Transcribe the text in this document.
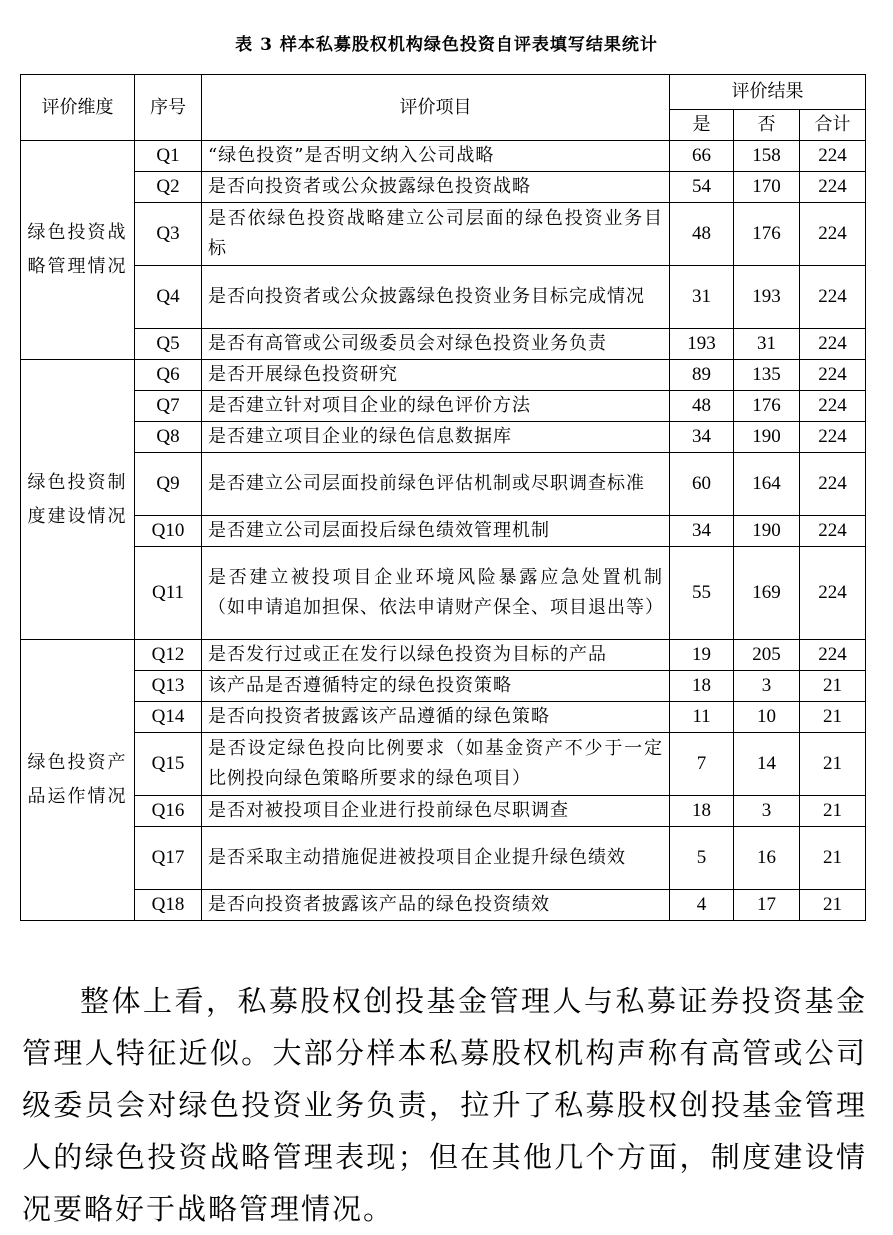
表 3 样本私募股权机构绿色投资自评表填写结果统计
评价维度	序号	评价项目	评价结果		
			是	否	合计
绿色投资战略管理情况	Q1	“绿色投资”是否明文纳入公司战略	66	158	224
	Q2	是否向投资者或公众披露绿色投资战略	54	170	224
	Q3	是否依绿色投资战略建立公司层面的绿色投资业务目标	48	176	224
	Q4	是否向投资者或公众披露绿色投资业务目标完成情况	31	193	224
	Q5	是否有高管或公司级委员会对绿色投资业务负责	193	31	224
绿色投资制度建设情况	Q6	是否开展绿色投资研究	89	135	224
	Q7	是否建立针对项目企业的绿色评价方法	48	176	224
	Q8	是否建立项目企业的绿色信息数据库	34	190	224
	Q9	是否建立公司层面投前绿色评估机制或尽职调查标准	60	164	224
	Q10	是否建立公司层面投后绿色绩效管理机制	34	190	224
	Q11	是否建立被投项目企业环境风险暴露应急处置机制（如申请追加担保、依法申请财产保全、项目退出等）	55	169	224
绿色投资产品运作情况	Q12	是否发行过或正在发行以绿色投资为目标的产品	19	205	224
	Q13	该产品是否遵循特定的绿色投资策略	18	3	21
	Q14	是否向投资者披露该产品遵循的绿色策略	11	10	21
	Q15	是否设定绿色投向比例要求（如基金资产不少于一定比例投向绿色策略所要求的绿色项目）	7	14	21
	Q16	是否对被投项目企业进行投前绿色尽职调查	18	3	21
	Q17	是否采取主动措施促进被投项目企业提升绿色绩效	5	16	21
	Q18	是否向投资者披露该产品的绿色投资绩效	4	17	21

整体上看，私募股权创投基金管理人与私募证券投资基金管理人特征近似。大部分样本私募股权机构声称有高管或公司级委员会对绿色投资业务负责，拉升了私募股权创投基金管理人的绿色投资战略管理表现；但在其他几个方面，制度建设情况要略好于战略管理情况。
